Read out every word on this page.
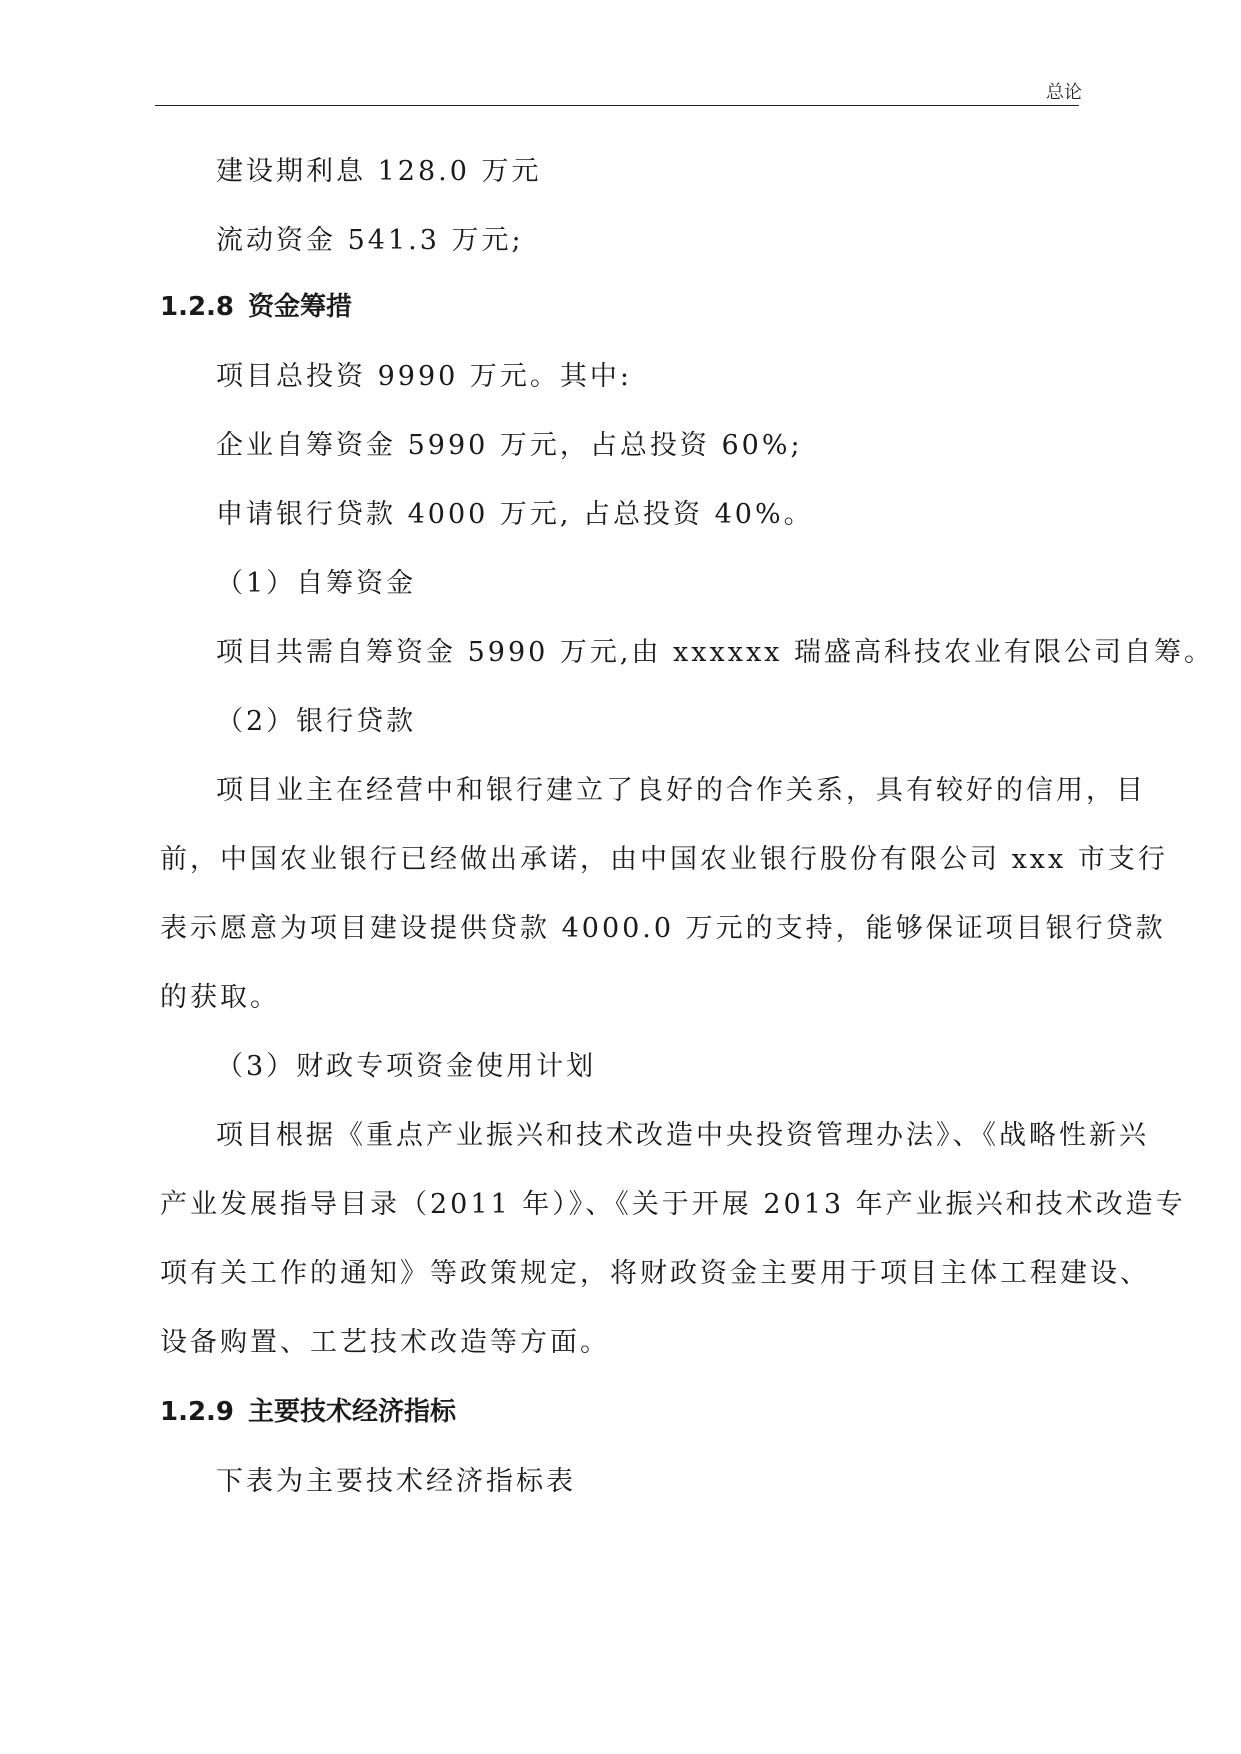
总论
建设期利息 128.0 万元
流动资金 541.3 万元;
1.2.8 资金筹措
项目总投资 9990 万元。其中:
企业自筹资金 5990 万元，占总投资 60%;
申请银行贷款 4000 万元, 占总投资 40%。
（1）自筹资金
项目共需自筹资金 5990 万元,由 xxxxxx 瑞盛高科技农业有限公司自筹。
（2）银行贷款
项目业主在经营中和银行建立了良好的合作关系，具有较好的信用，目
前，中国农业银行已经做出承诺，由中国农业银行股份有限公司 xxx 市支行
表示愿意为项目建设提供贷款 4000.0 万元的支持，能够保证项目银行贷款
的获取。
（3）财政专项资金使用计划
项目根据《重点产业振兴和技术改造中央投资管理办法》、《战略性新兴
产业发展指导目录（2011 年）》、《关于开展 2013 年产业振兴和技术改造专
项有关工作的通知》等政策规定，将财政资金主要用于项目主体工程建设、
设备购置、工艺技术改造等方面。
1.2.9 主要技术经济指标
下表为主要技术经济指标表
